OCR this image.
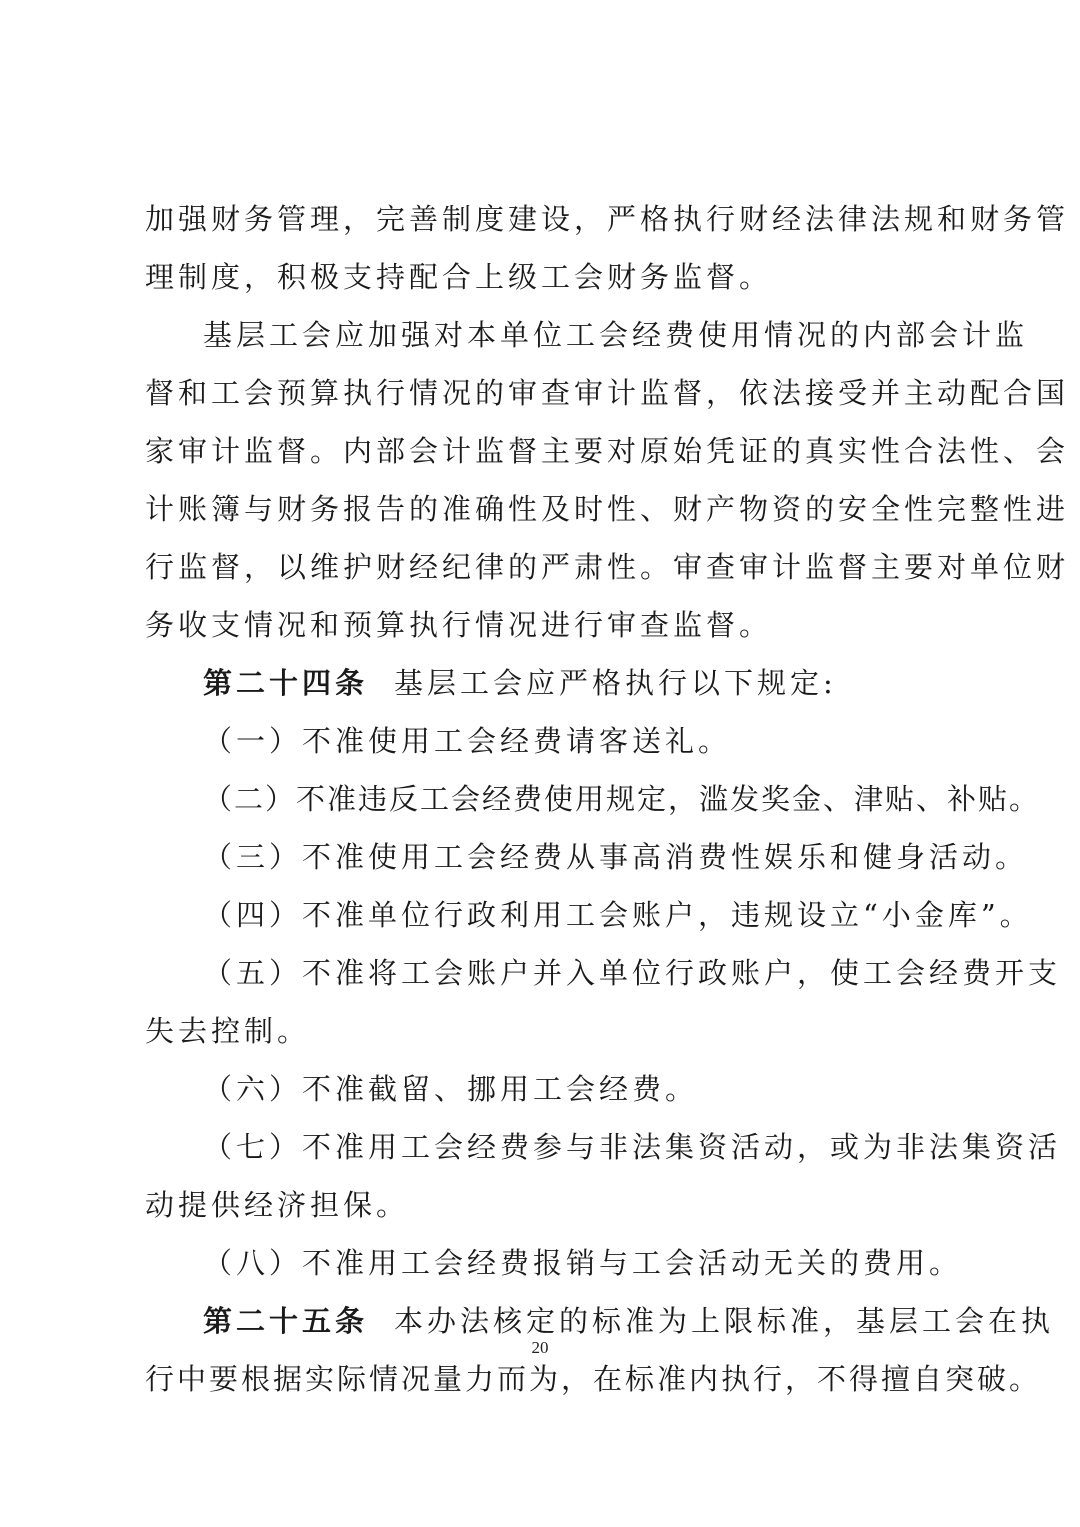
加强财务管理，完善制度建设，严格执行财经法律法规和财务管
理制度，积极支持配合上级工会财务监督。
基层工会应加强对本单位工会经费使用情况的内部会计监
督和工会预算执行情况的审查审计监督，依法接受并主动配合国
家审计监督。内部会计监督主要对原始凭证的真实性合法性、会
计账簿与财务报告的准确性及时性、财产物资的安全性完整性进
行监督，以维护财经纪律的严肃性。审查审计监督主要对单位财
务收支情况和预算执行情况进行审查监督。
第二十四条 基层工会应严格执行以下规定:
（一）不准使用工会经费请客送礼。
（二）不准违反工会经费使用规定，滥发奖金、津贴、补贴。
（三）不准使用工会经费从事高消费性娱乐和健身活动。
（四）不准单位行政利用工会账户，违规设立“小金库”。
（五）不准将工会账户并入单位行政账户，使工会经费开支
失去控制。
（六）不准截留、挪用工会经费。
（七）不准用工会经费参与非法集资活动，或为非法集资活
动提供经济担保。
（八）不准用工会经费报销与工会活动无关的费用。
第二十五条 本办法核定的标准为上限标准，基层工会在执
行中要根据实际情况量力而为，在标准内执行，不得擅自突破。
20
